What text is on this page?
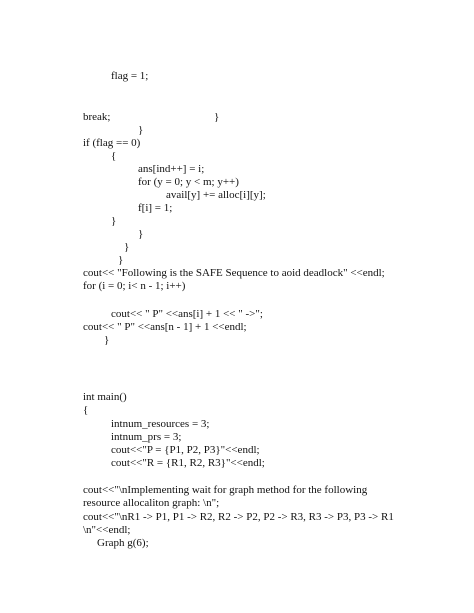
flag = 1;
break;	}
}
if (flag == 0)
{
ans[ind++] = i;
for (y = 0; y < m; y++)
avail[y] += alloc[i][y];
f[i] = 1;
}
}
}
}
cout<< "Following is the SAFE Sequence to aoid deadlock" <<endl;
for (i = 0; i< n - 1; i++)
cout<< " P" <<ans[i] + 1 << " ->";
cout<< " P" <<ans[n - 1] + 1 <<endl;
}
int main()
{
intnum_resources = 3;
intnum_prs = 3;
cout<<"P = {P1, P2, P3}"<<endl;
cout<<"R = {R1, R2, R3}"<<endl;
cout<<"\nImplementing wait for graph method for the following
resource allocaliton graph: \n";
cout<<"\nR1 -> P1, P1 -> R2, R2 -> P2, P2 -> R3, R3 -> P3, P3 -> R1
\n"<<endl;
Graph g(6);
